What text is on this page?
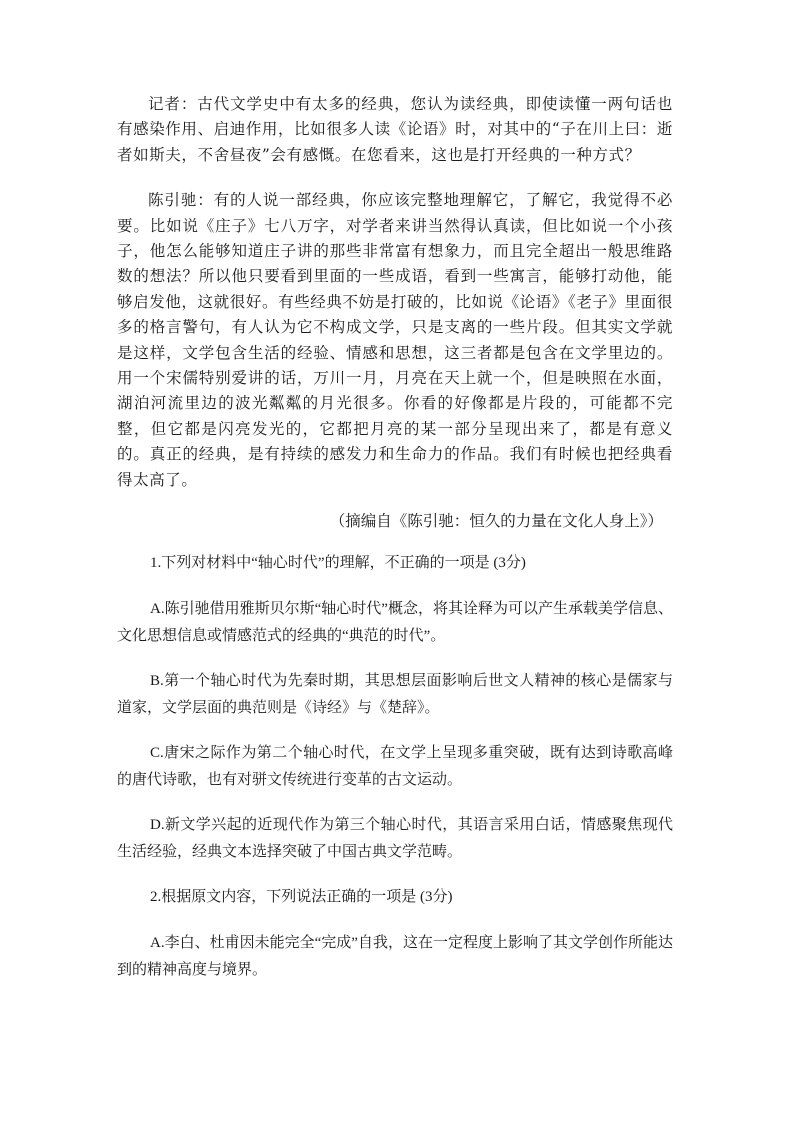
记者：古代文学史中有太多的经典，您认为读经典，即使读懂一两句话也有感染作用、启迪作用，比如很多人读《论语》时，对其中的“子在川上曰：逝者如斯夫，不舍昼夜”会有感慨。在您看来，这也是打开经典的一种方式？

陈引驰：有的人说一部经典，你应该完整地理解它，了解它，我觉得不必要。比如说《庄子》七八万字，对学者来讲当然得认真读，但比如说一个小孩子，他怎么能够知道庄子讲的那些非常富有想象力，而且完全超出一般思维路数的想法？所以他只要看到里面的一些成语，看到一些寓言，能够打动他，能够启发他，这就很好。有些经典不妨是打破的，比如说《论语》《老子》里面很多的格言警句，有人认为它不构成文学，只是支离的一些片段。但其实文学就是这样，文学包含生活的经验、情感和思想，这三者都是包含在文学里边的。用一个宋儒特别爱讲的话，万川一月，月亮在天上就一个，但是映照在水面，湖泊河流里边的波光粼粼的月光很多。你看的好像都是片段的，可能都不完整，但它都是闪亮发光的，它都把月亮的某一部分呈现出来了，都是有意义的。真正的经典，是有持续的感发力和生命力的作品。我们有时候也把经典看得太高了。

（摘编自《陈引驰：恒久的力量在文化人身上》）

1.下列对材料中“轴心时代”的理解，不正确的一项是 (3分)

A.陈引驰借用雅斯贝尔斯“轴心时代”概念，将其诠释为可以产生承载美学信息、文化思想信息或情感范式的经典的“典范的时代”。

B.第一个轴心时代为先秦时期，其思想层面影响后世文人精神的核心是儒家与道家，文学层面的典范则是《诗经》与《楚辞》。

C.唐宋之际作为第二个轴心时代，在文学上呈现多重突破，既有达到诗歌高峰的唐代诗歌，也有对骈文传统进行变革的古文运动。

D.新文学兴起的近现代作为第三个轴心时代，其语言采用白话，情感聚焦现代生活经验，经典文本选择突破了中国古典文学范畴。

2.根据原文内容，下列说法正确的一项是 (3分)

A.李白、杜甫因未能完全“完成”自我，这在一定程度上影响了其文学创作所能达到的精神高度与境界。
